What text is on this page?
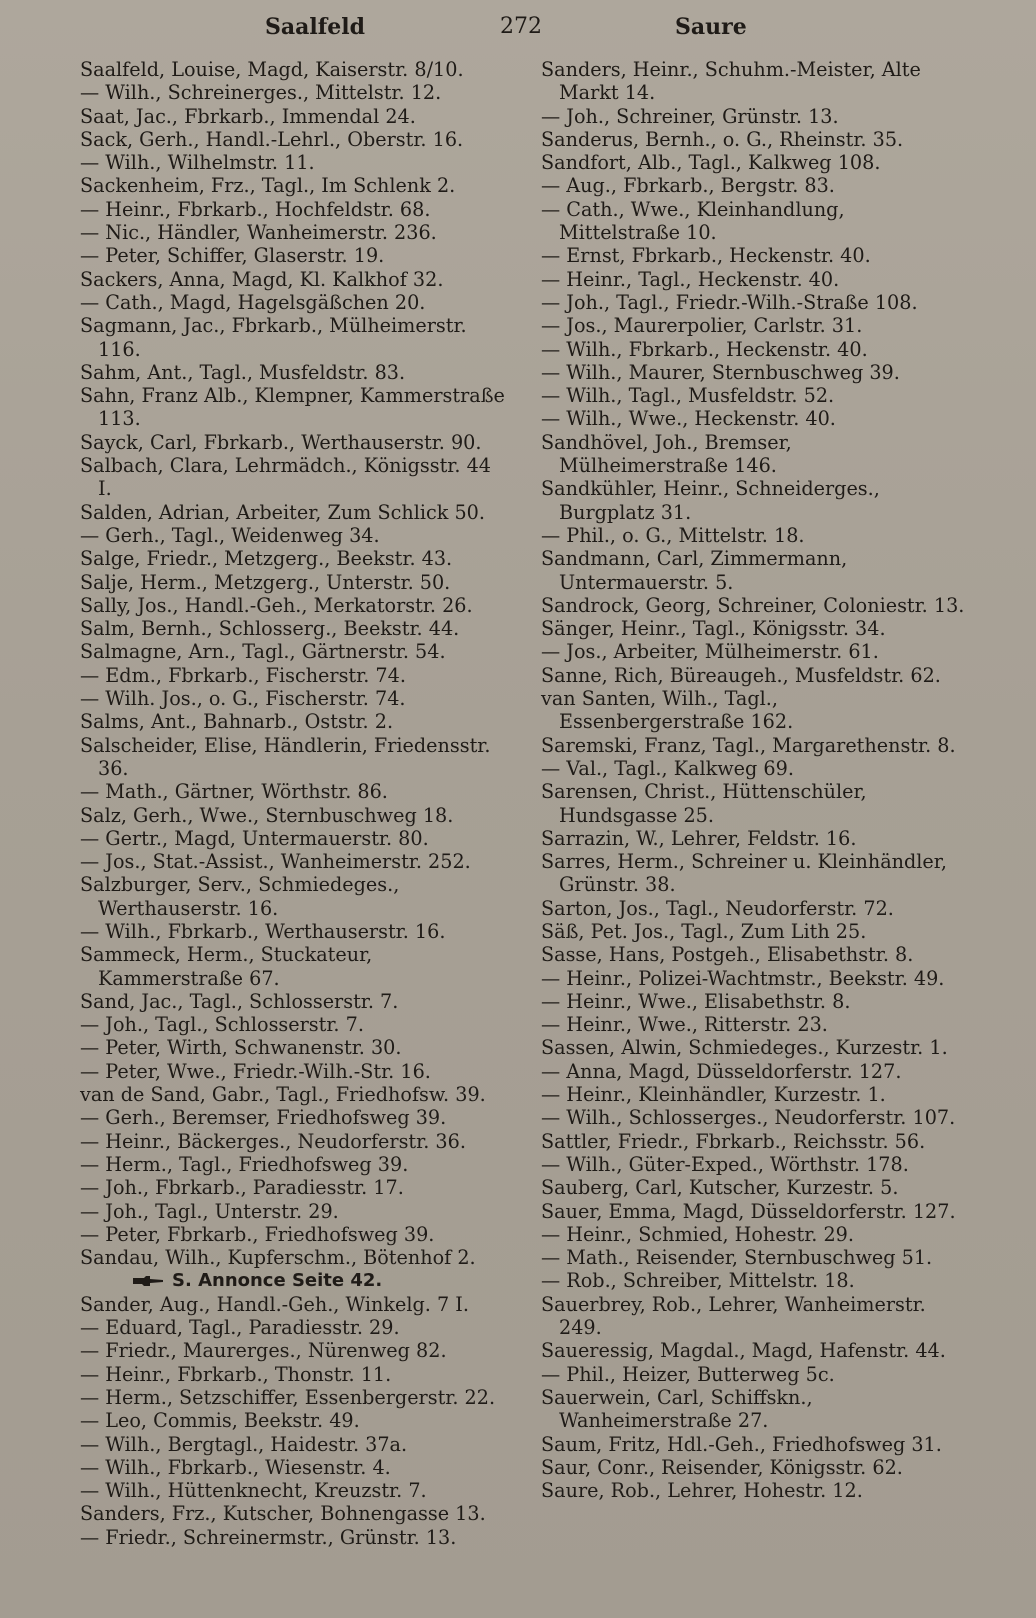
Saalfeld	272	Saure
Saalfeld, Louise, Magd, Kaiserstr. 8/10.
— Wilh., Schreinerges., Mittelstr. 12.
Saat, Jac., Fbrkarb., Immendal 24.
Sack, Gerh., Handl.-Lehrl., Oberstr. 16.
— Wilh., Wilhelmstr. 11.
Sackenheim, Frz., Tagl., Im Schlenk 2.
— Heinr., Fbrkarb., Hochfeldstr. 68.
— Nic., Händler, Wanheimerstr. 236.
— Peter, Schiffer, Glaserstr. 19.
Sackers, Anna, Magd, Kl. Kalkhof 32.
— Cath., Magd, Hagelsgäßchen 20.
Sagmann, Jac., Fbrkarb., Mülheimerstr. 116.
Sahm, Ant., Tagl., Musfeldstr. 83.
Sahn, Franz Alb., Klempner, Kammerstraße 113.
Sayck, Carl, Fbrkarb., Werthauserstr. 90.
Salbach, Clara, Lehrmädch., Königsstr. 44 I.
Salden, Adrian, Arbeiter, Zum Schlick 50.
— Gerh., Tagl., Weidenweg 34.
Salge, Friedr., Metzgerg., Beekstr. 43.
Salje, Herm., Metzgerg., Unterstr. 50.
Sally, Jos., Handl.-Geh., Merkatorstr. 26.
Salm, Bernh., Schlosserg., Beekstr. 44.
Salmagne, Arn., Tagl., Gärtnerstr. 54.
— Edm., Fbrkarb., Fischerstr. 74.
— Wilh. Jos., o. G., Fischerstr. 74.
Salms, Ant., Bahnarb., Oststr. 2.
Salscheider, Elise, Händlerin, Friedensstr. 36.
— Math., Gärtner, Wörthstr. 86.
Salz, Gerh., Wwe., Sternbuschweg 18.
— Gertr., Magd, Untermauerstr. 80.
— Jos., Stat.-Assist., Wanheimerstr. 252.
Salzburger, Serv., Schmiedeges., Werthauserstr. 16.
— Wilh., Fbrkarb., Werthauserstr. 16.
Sammeck, Herm., Stuckateur, Kammerstraße 67.
Sand, Jac., Tagl., Schlosserstr. 7.
— Joh., Tagl., Schlosserstr. 7.
— Peter, Wirth, Schwanenstr. 30.
— Peter, Wwe., Friedr.-Wilh.-Str. 16.
van de Sand, Gabr., Tagl., Friedhofsw. 39.
— Gerh., Beremser, Friedhofsweg 39.
— Heinr., Bäckerges., Neudorferstr. 36.
— Herm., Tagl., Friedhofsweg 39.
— Joh., Fbrkarb., Paradiesstr. 17.
— Joh., Tagl., Unterstr. 29.
— Peter, Fbrkarb., Friedhofsweg 39.
Sandau, Wilh., Kupferschm., Bötenhof 2.
S. Annonce Seite 42.
Sander, Aug., Handl.-Geh., Winkelg. 7 I.
— Eduard, Tagl., Paradiesstr. 29.
— Friedr., Maurerges., Nürenweg 82.
— Heinr., Fbrkarb., Thonstr. 11.
— Herm., Setzschiffer, Essenbergerstr. 22.
— Leo, Commis, Beekstr. 49.
— Wilh., Bergtagl., Haidestr. 37a.
— Wilh., Fbrkarb., Wiesenstr. 4.
— Wilh., Hüttenknecht, Kreuzstr. 7.
Sanders, Frz., Kutscher, Bohnengasse 13.
— Friedr., Schreinermstr., Grünstr. 13.
Sanders, Heinr., Schuhm.-Meister, Alte Markt 14.
— Joh., Schreiner, Grünstr. 13.
Sanderus, Bernh., o. G., Rheinstr. 35.
Sandfort, Alb., Tagl., Kalkweg 108.
— Aug., Fbrkarb., Bergstr. 83.
— Cath., Wwe., Kleinhandlung, Mittelstraße 10.
— Ernst, Fbrkarb., Heckenstr. 40.
— Heinr., Tagl., Heckenstr. 40.
— Joh., Tagl., Friedr.-Wilh.-Straße 108.
— Jos., Maurerpolier, Carlstr. 31.
— Wilh., Fbrkarb., Heckenstr. 40.
— Wilh., Maurer, Sternbuschweg 39.
— Wilh., Tagl., Musfeldstr. 52.
— Wilh., Wwe., Heckenstr. 40.
Sandhövel, Joh., Bremser, Mülheimerstraße 146.
Sandkühler, Heinr., Schneiderges., Burgplatz 31.
— Phil., o. G., Mittelstr. 18.
Sandmann, Carl, Zimmermann, Untermauerstr. 5.
Sandrock, Georg, Schreiner, Coloniestr. 13.
Sänger, Heinr., Tagl., Königsstr. 34.
— Jos., Arbeiter, Mülheimerstr. 61.
Sanne, Rich, Büreaugeh., Musfeldstr. 62.
van Santen, Wilh., Tagl., Essenbergerstraße 162.
Saremski, Franz, Tagl., Margarethenstr. 8.
— Val., Tagl., Kalkweg 69.
Sarensen, Christ., Hüttenschüler, Hundsgasse 25.
Sarrazin, W., Lehrer, Feldstr. 16.
Sarres, Herm., Schreiner u. Kleinhändler, Grünstr. 38.
Sarton, Jos., Tagl., Neudorferstr. 72.
Säß, Pet. Jos., Tagl., Zum Lith 25.
Sasse, Hans, Postgeh., Elisabethstr. 8.
— Heinr., Polizei-Wachtmstr., Beekstr. 49.
— Heinr., Wwe., Elisabethstr. 8.
— Heinr., Wwe., Ritterstr. 23.
Sassen, Alwin, Schmiedeges., Kurzestr. 1.
— Anna, Magd, Düsseldorferstr. 127.
— Heinr., Kleinhändler, Kurzestr. 1.
— Wilh., Schlosserges., Neudorferstr. 107.
Sattler, Friedr., Fbrkarb., Reichsstr. 56.
— Wilh., Güter-Exped., Wörthstr. 178.
Sauberg, Carl, Kutscher, Kurzestr. 5.
Sauer, Emma, Magd, Düsseldorferstr. 127.
— Heinr., Schmied, Hohestr. 29.
— Math., Reisender, Sternbuschweg 51.
— Rob., Schreiber, Mittelstr. 18.
Sauerbrey, Rob., Lehrer, Wanheimerstr. 249.
Saueressig, Magdal., Magd, Hafenstr. 44.
— Phil., Heizer, Butterweg 5c.
Sauerwein, Carl, Schiffskn., Wanheimerstraße 27.
Saum, Fritz, Hdl.-Geh., Friedhofsweg 31.
Saur, Conr., Reisender, Königsstr. 62.
Saure, Rob., Lehrer, Hohestr. 12.
